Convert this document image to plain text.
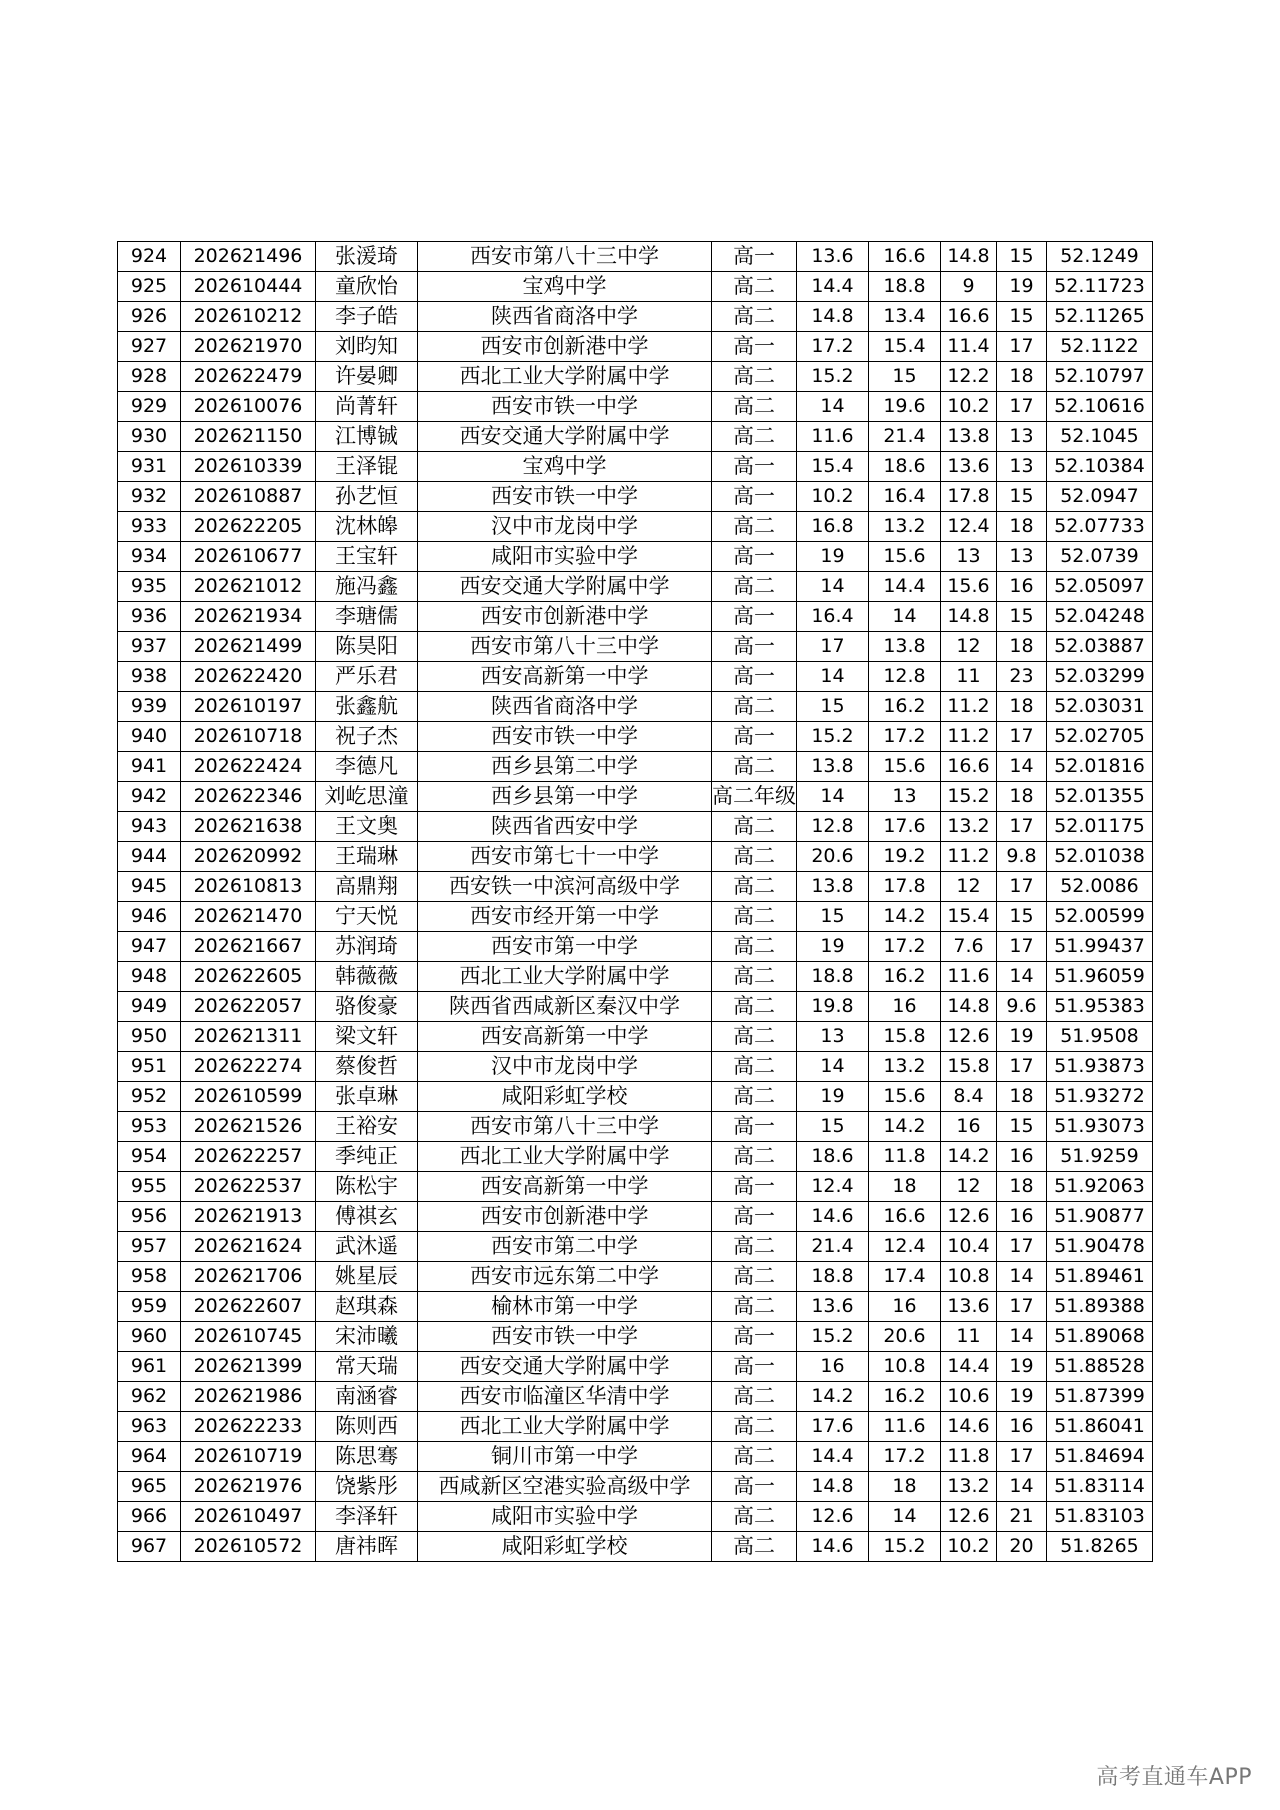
924	202621496	张湲琦	西安市第八十三中学	高一	13.6	16.6	14.8	15	52.1249
925	202610444	童欣怡	宝鸡中学	高二	14.4	18.8	9	19	52.11723
926	202610212	李子皓	陕西省商洛中学	高二	14.8	13.4	16.6	15	52.11265
927	202621970	刘昀知	西安市创新港中学	高一	17.2	15.4	11.4	17	52.1122
928	202622479	许晏卿	西北工业大学附属中学	高二	15.2	15	12.2	18	52.10797
929	202610076	尚菁轩	西安市铁一中学	高二	14	19.6	10.2	17	52.10616
930	202621150	江博铖	西安交通大学附属中学	高二	11.6	21.4	13.8	13	52.1045
931	202610339	王泽锟	宝鸡中学	高一	15.4	18.6	13.6	13	52.10384
932	202610887	孙艺恒	西安市铁一中学	高一	10.2	16.4	17.8	15	52.0947
933	202622205	沈林皞	汉中市龙岗中学	高二	16.8	13.2	12.4	18	52.07733
934	202610677	王宝轩	咸阳市实验中学	高一	19	15.6	13	13	52.0739
935	202621012	施冯鑫	西安交通大学附属中学	高二	14	14.4	15.6	16	52.05097
936	202621934	李瑭儒	西安市创新港中学	高一	16.4	14	14.8	15	52.04248
937	202621499	陈昊阳	西安市第八十三中学	高一	17	13.8	12	18	52.03887
938	202622420	严乐君	西安高新第一中学	高一	14	12.8	11	23	52.03299
939	202610197	张鑫航	陕西省商洛中学	高二	15	16.2	11.2	18	52.03031
940	202610718	祝子杰	西安市铁一中学	高一	15.2	17.2	11.2	17	52.02705
941	202622424	李德凡	西乡县第二中学	高二	13.8	15.6	16.6	14	52.01816
942	202622346	刘屹思潼	西乡县第一中学	高二年级	14	13	15.2	18	52.01355
943	202621638	王文奥	陕西省西安中学	高二	12.8	17.6	13.2	17	52.01175
944	202620992	王瑞琳	西安市第七十一中学	高二	20.6	19.2	11.2	9.8	52.01038
945	202610813	高鼎翔	西安铁一中滨河高级中学	高二	13.8	17.8	12	17	52.0086
946	202621470	宁天悦	西安市经开第一中学	高二	15	14.2	15.4	15	52.00599
947	202621667	苏润琦	西安市第一中学	高二	19	17.2	7.6	17	51.99437
948	202622605	韩薇薇	西北工业大学附属中学	高二	18.8	16.2	11.6	14	51.96059
949	202622057	骆俊豪	陕西省西咸新区秦汉中学	高二	19.8	16	14.8	9.6	51.95383
950	202621311	梁文轩	西安高新第一中学	高二	13	15.8	12.6	19	51.9508
951	202622274	蔡俊哲	汉中市龙岗中学	高二	14	13.2	15.8	17	51.93873
952	202610599	张卓琳	咸阳彩虹学校	高二	19	15.6	8.4	18	51.93272
953	202621526	王裕安	西安市第八十三中学	高一	15	14.2	16	15	51.93073
954	202622257	季纯正	西北工业大学附属中学	高二	18.6	11.8	14.2	16	51.9259
955	202622537	陈松宇	西安高新第一中学	高一	12.4	18	12	18	51.92063
956	202621913	傅祺玄	西安市创新港中学	高一	14.6	16.6	12.6	16	51.90877
957	202621624	武沐遥	西安市第二中学	高二	21.4	12.4	10.4	17	51.90478
958	202621706	姚星辰	西安市远东第二中学	高二	18.8	17.4	10.8	14	51.89461
959	202622607	赵琪森	榆林市第一中学	高二	13.6	16	13.6	17	51.89388
960	202610745	宋沛曦	西安市铁一中学	高一	15.2	20.6	11	14	51.89068
961	202621399	常天瑞	西安交通大学附属中学	高一	16	10.8	14.4	19	51.88528
962	202621986	南涵睿	西安市临潼区华清中学	高二	14.2	16.2	10.6	19	51.87399
963	202622233	陈则西	西北工业大学附属中学	高二	17.6	11.6	14.6	16	51.86041
964	202610719	陈思骞	铜川市第一中学	高二	14.4	17.2	11.8	17	51.84694
965	202621976	饶紫彤	西咸新区空港实验高级中学	高一	14.8	18	13.2	14	51.83114
966	202610497	李泽轩	咸阳市实验中学	高二	12.6	14	12.6	21	51.83103
967	202610572	唐祎晖	咸阳彩虹学校	高二	14.6	15.2	10.2	20	51.8265
高考直通车APP
